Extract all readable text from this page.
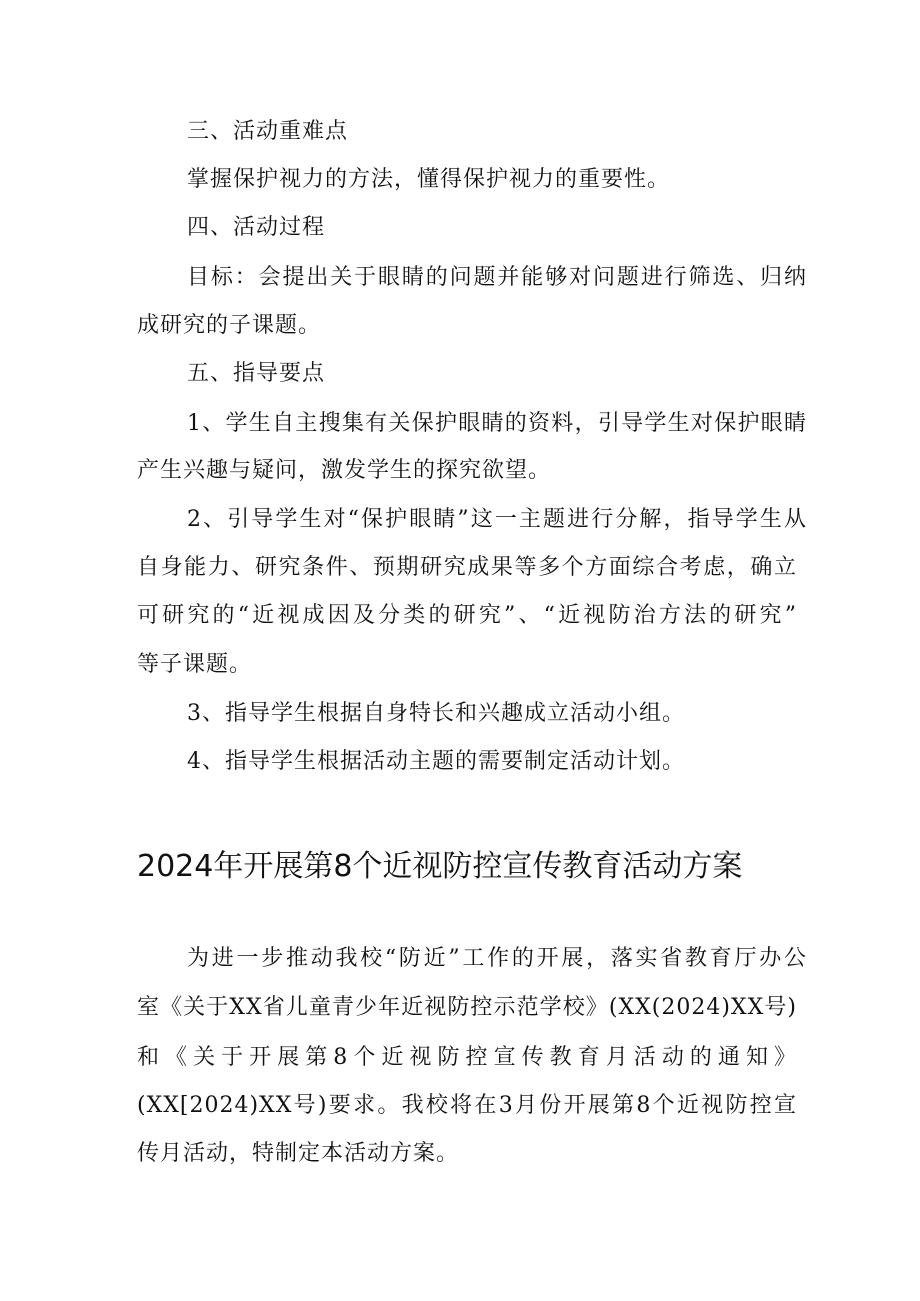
三、活动重难点
掌握保护视力的方法，懂得保护视力的重要性。
四、活动过程
目标：会提出关于眼睛的问题并能够对问题进行筛选、归纳
成研究的子课题。
五、指导要点
1、学生自主搜集有关保护眼睛的资料，引导学生对保护眼睛
产生兴趣与疑问，激发学生的探究欲望。
2、引导学生对“保护眼睛”这一主题进行分解，指导学生从
自身能力、研究条件、预期研究成果等多个方面综合考虑，确立
可研究的“近视成因及分类的研究”、“近视防治方法的研究”
等子课题。
3、指导学生根据自身特长和兴趣成立活动小组。
4、指导学生根据活动主题的需要制定活动计划。
2024年开展第8个近视防控宣传教育活动方案
为进一步推动我校“防近”工作的开展，落实省教育厅办公
室《关于XX省儿童青少年近视防控示范学校》(XX(2024)XX号)
和《关于开展第8个近视防控宣传教育月活动的通知》
(XX[2024)XX号)要求。我校将在3月份开展第8个近视防控宣
传月活动，特制定本活动方案。
